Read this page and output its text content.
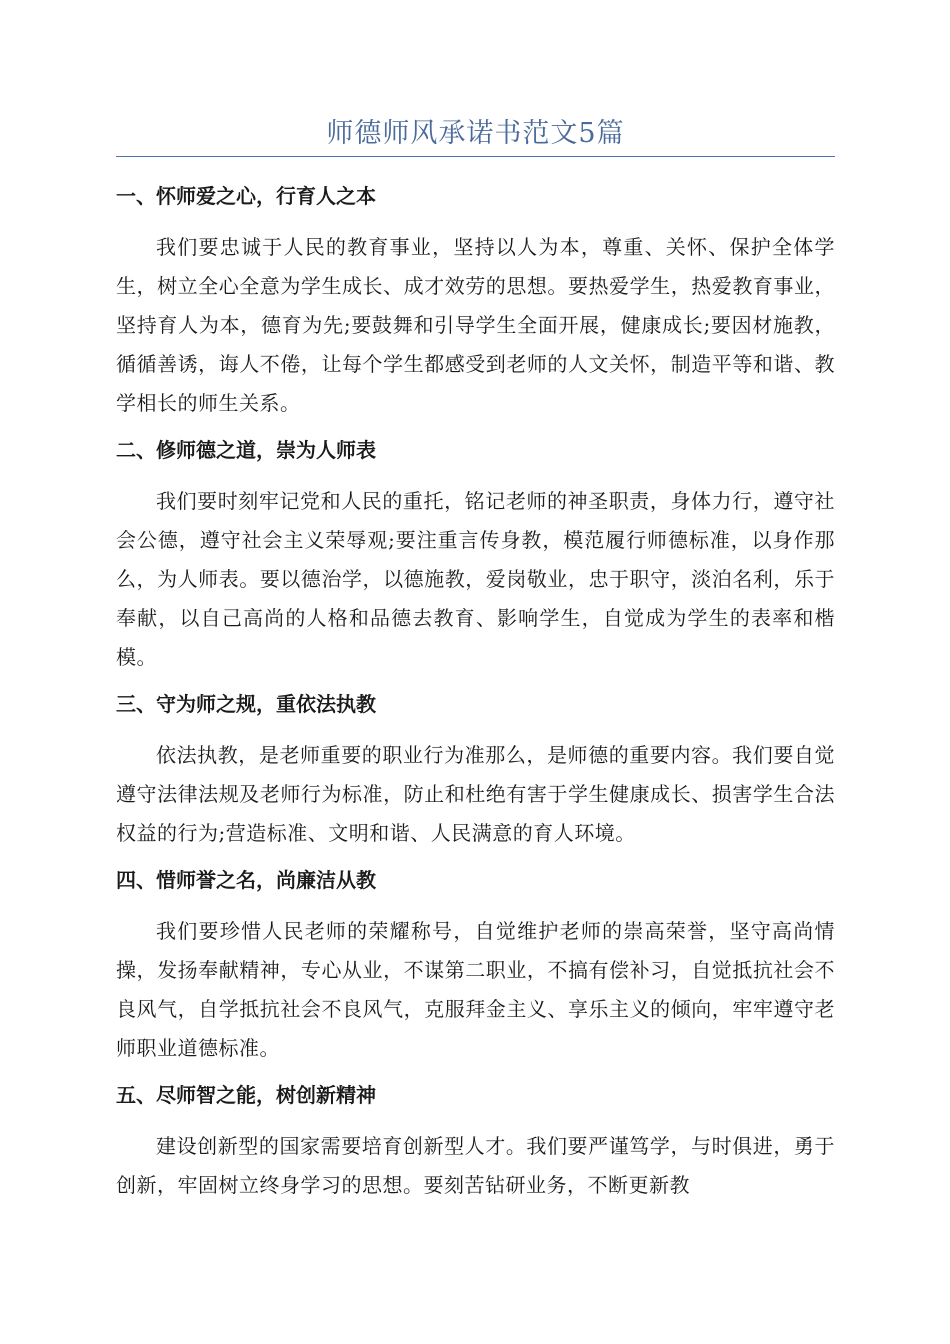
师德师风承诺书范文5篇

一、怀师爱之心，行育人之本

我们要忠诚于人民的教育事业，坚持以人为本，尊重、关怀、保护全体学生，树立全心全意为学生成长、成才效劳的思想。要热爱学生，热爱教育事业，坚持育人为本，德育为先;要鼓舞和引导学生全面开展，健康成长;要因材施教，循循善诱，诲人不倦，让每个学生都感受到老师的人文关怀，制造平等和谐、教学相长的师生关系。

二、修师德之道，崇为人师表

我们要时刻牢记党和人民的重托，铭记老师的神圣职责，身体力行，遵守社会公德，遵守社会主义荣辱观;要注重言传身教，模范履行师德标准，以身作那么，为人师表。要以德治学，以德施教，爱岗敬业，忠于职守，淡泊名利，乐于奉献，以自己高尚的人格和品德去教育、影响学生，自觉成为学生的表率和楷模。

三、守为师之规，重依法执教

依法执教，是老师重要的职业行为准那么，是师德的重要内容。我们要自觉遵守法律法规及老师行为标准，防止和杜绝有害于学生健康成长、损害学生合法权益的行为;营造标准、文明和谐、人民满意的育人环境。

四、惜师誉之名，尚廉洁从教

我们要珍惜人民老师的荣耀称号，自觉维护老师的崇高荣誉，坚守高尚情操，发扬奉献精神，专心从业，不谋第二职业，不搞有偿补习，自觉抵抗社会不良风气，自学抵抗社会不良风气，克服拜金主义、享乐主义的倾向，牢牢遵守老师职业道德标准。

五、尽师智之能，树创新精神

建设创新型的国家需要培育创新型人才。我们要严谨笃学，与时俱进，勇于创新，牢固树立终身学习的思想。要刻苦钻研业务，不断更新教
